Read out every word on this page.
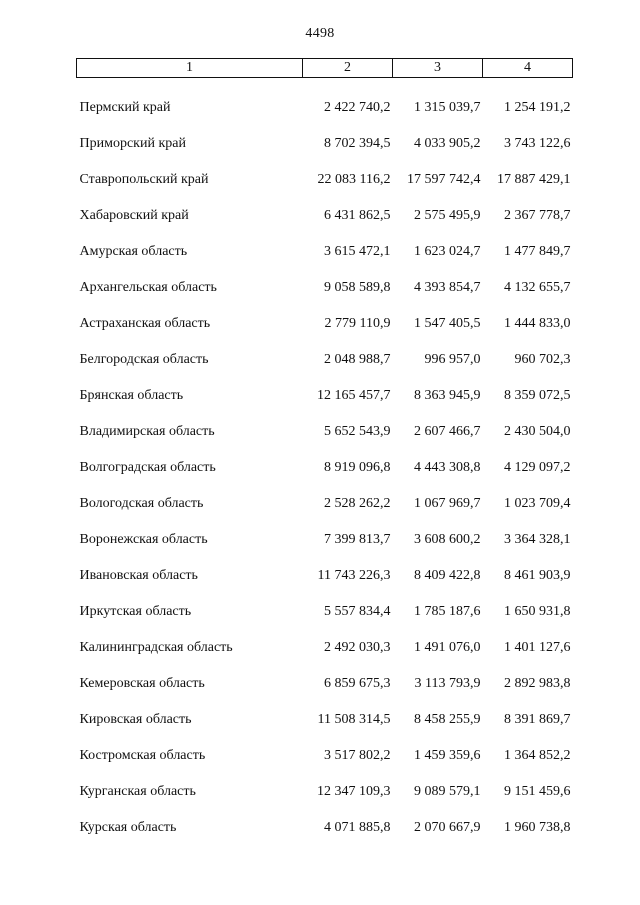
4498
1	2	3	4
Пермский край	2 422 740,2	1 315 039,7	1 254 191,2
Приморский край	8 702 394,5	4 033 905,2	3 743 122,6
Ставропольский край	22 083 116,2	17 597 742,4	17 887 429,1
Хабаровский край	6 431 862,5	2 575 495,9	2 367 778,7
Амурская область	3 615 472,1	1 623 024,7	1 477 849,7
Архангельская область	9 058 589,8	4 393 854,7	4 132 655,7
Астраханская область	2 779 110,9	1 547 405,5	1 444 833,0
Белгородская область	2 048 988,7	996 957,0	960 702,3
Брянская область	12 165 457,7	8 363 945,9	8 359 072,5
Владимирская область	5 652 543,9	2 607 466,7	2 430 504,0
Волгоградская область	8 919 096,8	4 443 308,8	4 129 097,2
Вологодская область	2 528 262,2	1 067 969,7	1 023 709,4
Воронежская область	7 399 813,7	3 608 600,2	3 364 328,1
Ивановская область	11 743 226,3	8 409 422,8	8 461 903,9
Иркутская область	5 557 834,4	1 785 187,6	1 650 931,8
Калининградская область	2 492 030,3	1 491 076,0	1 401 127,6
Кемеровская область	6 859 675,3	3 113 793,9	2 892 983,8
Кировская область	11 508 314,5	8 458 255,9	8 391 869,7
Костромская область	3 517 802,2	1 459 359,6	1 364 852,2
Курганская область	12 347 109,3	9 089 579,1	9 151 459,6
Курская область	4 071 885,8	2 070 667,9	1 960 738,8
